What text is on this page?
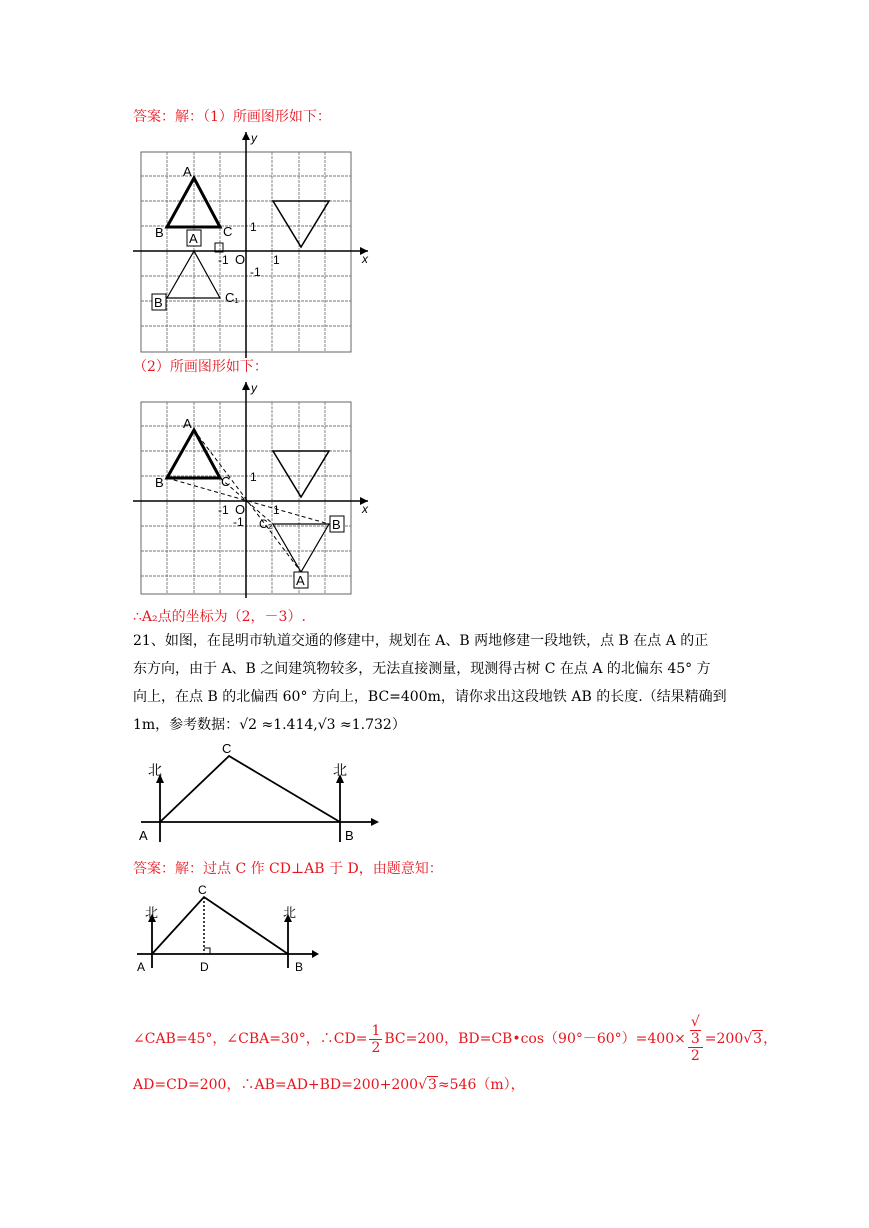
答案：解：（1）所画图形如下：
y
x
A
B	C
O 1
1
-1
-1
A
B	C₁
（2）所画图形如下：
y
x
A
B	C
O 1
1
-1
-1 C₂	B
A
∴A₂点的坐标为（2，－3）.
21、如图，在昆明市轨道交通的修建中，规划在 A、B 两地修建一段地铁，点 B 在点 A 的正
东方向，由于 A、B 之间建筑物较多，无法直接测量，现测得古树 C 在点 A 的北偏东 45° 方
向上，在点 B 的北偏西 60° 方向上，BC=400m，请你求出这段地铁 AB 的长度.（结果精确到
1m，参考数据：√2 ≈1.414,√3 ≈1.732）
北	北
A	B
C
答案：解：过点 C 作 CD⊥AB 于 D，由题意知：
北	北
A	B
C
D
∠CAB=45°，∠CBA=30°，∴CD= $\frac{1}{2} BC=200$，BD=CB•cos（90°－60°）=400× √
3
2 =200√3，
AD=CD=200，∴AB=AD+BD=200+200√3≈546（m），
